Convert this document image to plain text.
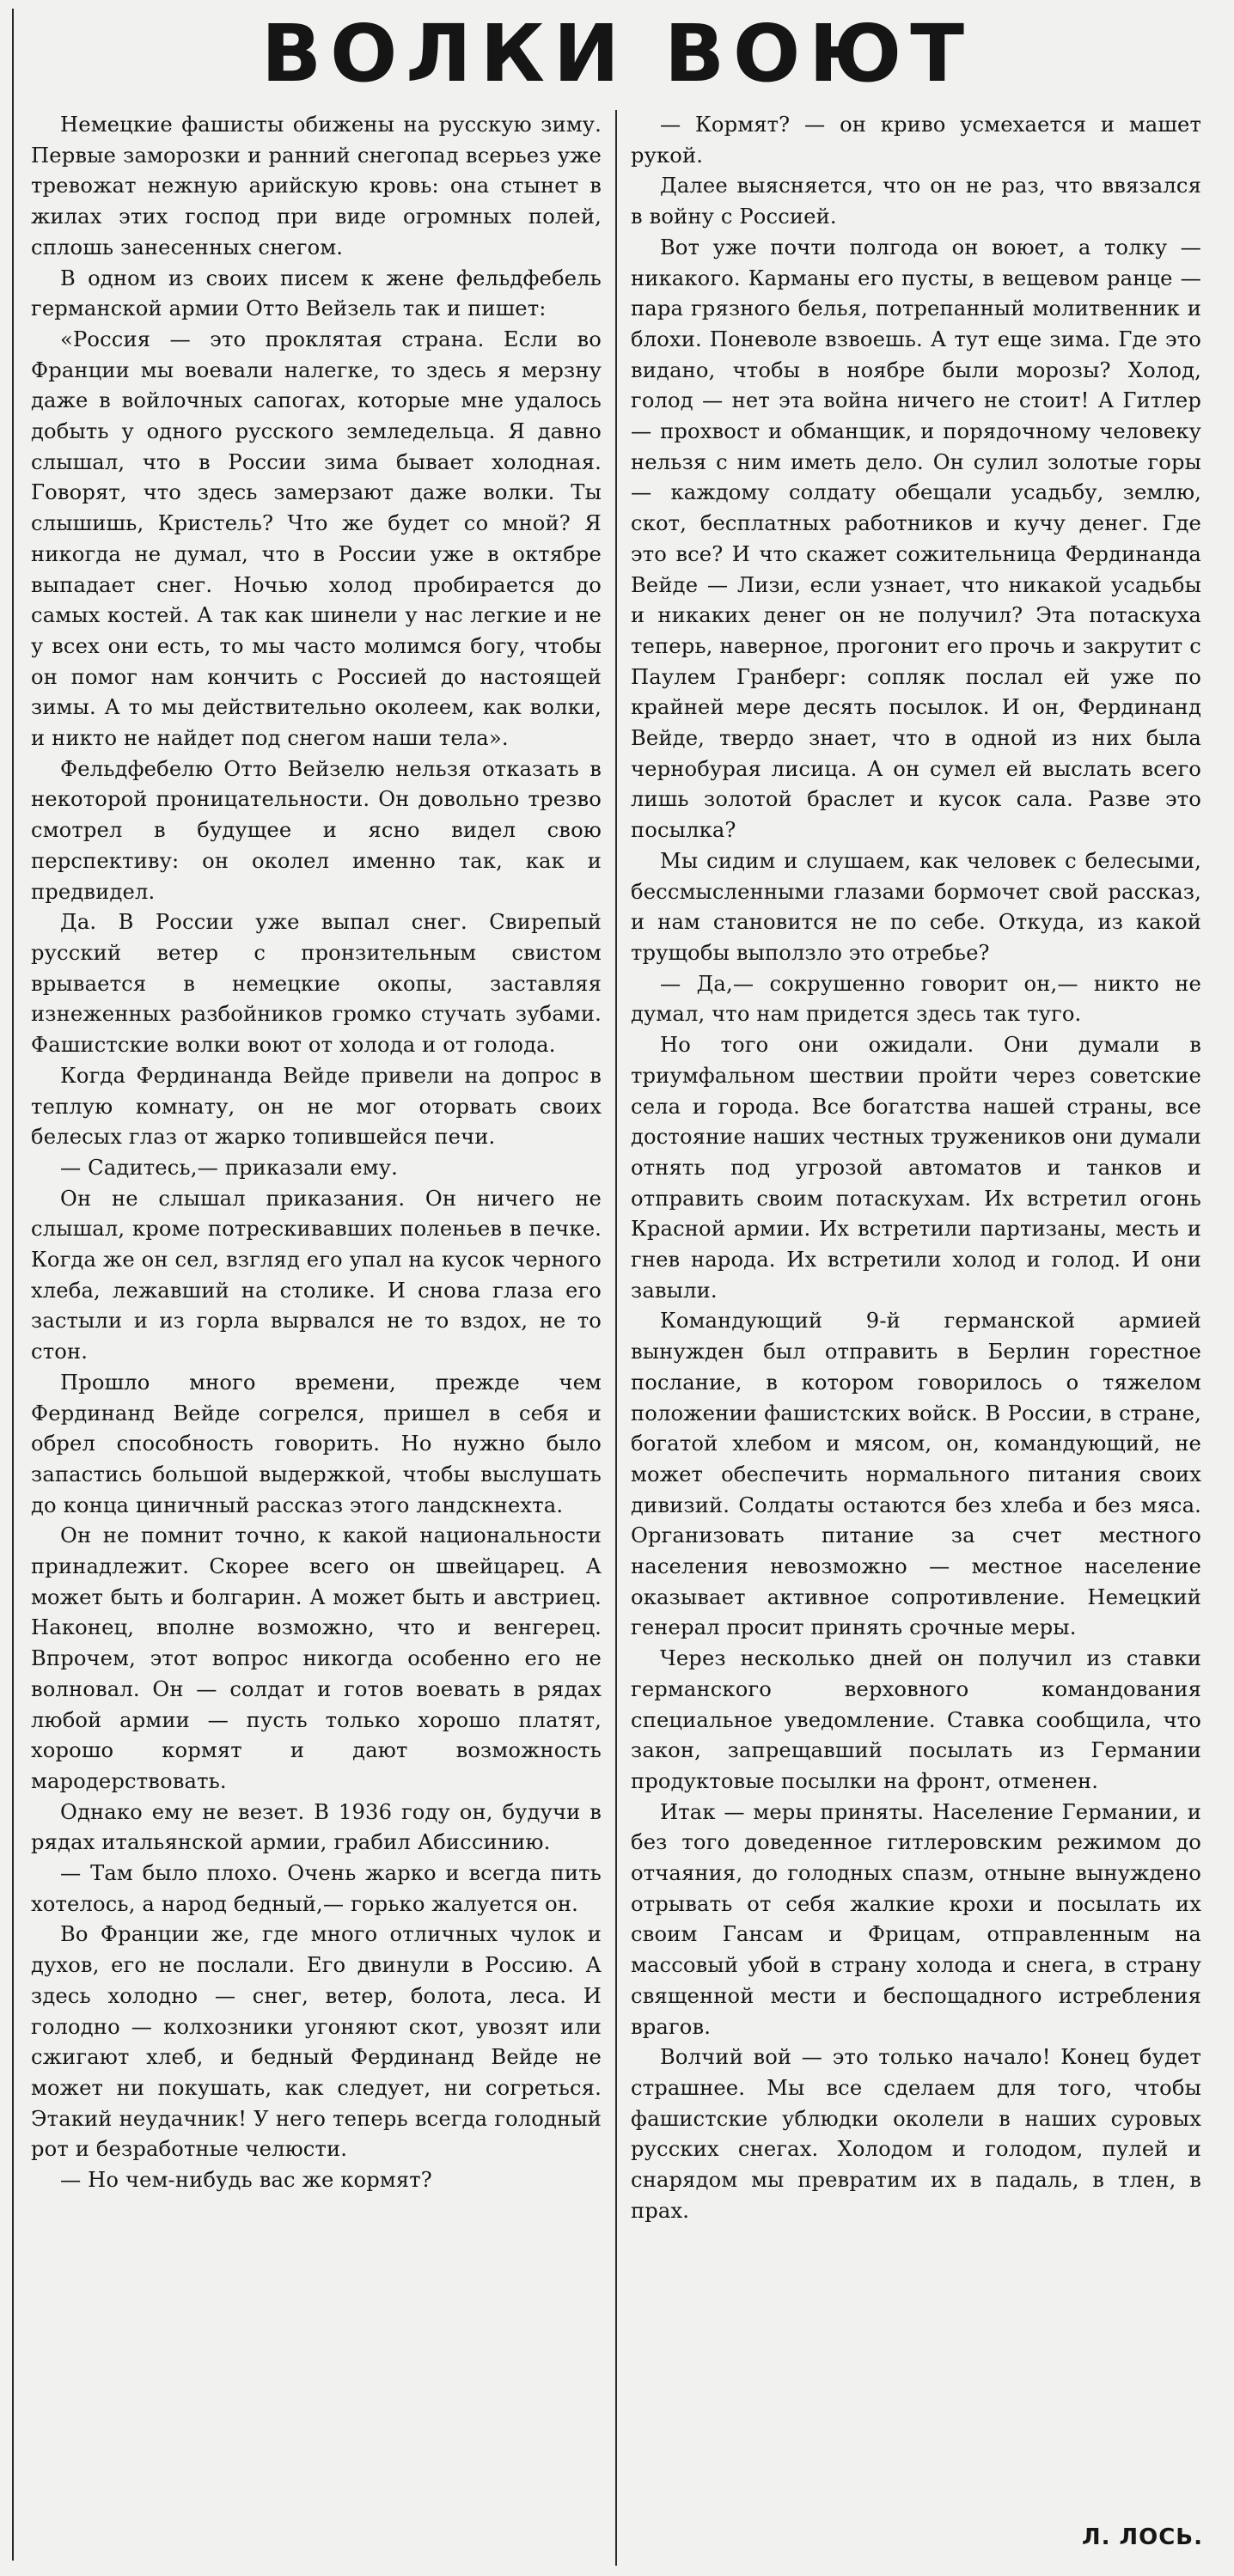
ВОЛКИ ВОЮТ

Немецкие фашисты обижены на русскую зиму. Первые заморозки и ранний снегопад всерьез уже тревожат нежную арийскую кровь: она стынет в жилах этих господ при виде огромных полей, сплошь занесенных снегом.

В одном из своих писем к жене фельдфебель германской армии Отто Вейзель так и пишет:

«Россия — это проклятая страна. Если во Франции мы воевали налегке, то здесь я мерзну даже в войлочных сапогах, которые мне удалось добыть у одного русского земледельца. Я давно слышал, что в России зима бывает холодная. Говорят, что здесь замерзают даже волки. Ты слышишь, Кристель? Что же будет со мной? Я никогда не думал, что в России уже в октябре выпадает снег. Ночью холод пробирается до самых костей. А так как шинели у нас легкие и не у всех они есть, то мы часто молимся богу, чтобы он помог нам кончить с Россией до настоящей зимы. А то мы действительно околеем, как волки, и никто не найдет под снегом наши тела».

Фельдфебелю Отто Вейзелю нельзя отказать в некоторой проницательности. Он довольно трезво смотрел в будущее и ясно видел свою перспективу: он околел именно так, как и предвидел.

Да. В России уже выпал снег. Свирепый русский ветер с пронзительным свистом врывается в немецкие окопы, заставляя изнеженных разбойников громко стучать зубами. Фашистские волки воют от холода и от голода.

Когда Фердинанда Вейде привели на допрос в теплую комнату, он не мог оторвать своих белесых глаз от жарко топившейся печи.

— Садитесь,— приказали ему.

Он не слышал приказания. Он ничего не слышал, кроме потрескивавших поленьев в печке. Когда же он сел, взгляд его упал на кусок черного хлеба, лежавший на столике. И снова глаза его застыли и из горла вырвался не то вздох, не то стон.

Прошло много времени, прежде чем Фердинанд Вейде согрелся, пришел в себя и обрел способность говорить. Но нужно было запастись большой выдержкой, чтобы выслушать до конца циничный рассказ этого ландскнехта.

Он не помнит точно, к какой национальности принадлежит. Скорее всего он швейцарец. А может быть и болгарин. А может быть и австриец. Наконец, вполне возможно, что и венгерец. Впрочем, этот вопрос никогда особенно его не волновал. Он — солдат и готов воевать в рядах любой армии — пусть только хорошо платят, хорошо кормят и дают возможность мародерствовать.

Однако ему не везет. В 1936 году он, будучи в рядах итальянской армии, грабил Абиссинию.

— Там было плохо. Очень жарко и всегда пить хотелось, а народ бедный,— горько жалуется он.

Во Франции же, где много отличных чулок и духов, его не послали. Его двинули в Россию. А здесь холодно — снег, ветер, болота, леса. И голодно — колхозники угоняют скот, увозят или сжигают хлеб, и бедный Фердинанд Вейде не может ни покушать, как следует, ни согреться. Этакий неудачник! У него теперь всегда голодный рот и безработные челюсти.

— Но чем-нибудь вас же кормят?

— Кормят? — он криво усмехается и машет рукой.

Далее выясняется, что он не раз, что ввязался в войну с Россией.

Вот уже почти полгода он воюет, а толку — никакого. Карманы его пусты, в вещевом ранце — пара грязного белья, потрепанный молитвенник и блохи. Поневоле взвоешь. А тут еще зима. Где это видано, чтобы в ноябре были морозы? Холод, голод — нет эта война ничего не стоит! А Гитлер — прохвост и обманщик, и порядочному человеку нельзя с ним иметь дело. Он сулил золотые горы — каждому солдату обещали усадьбу, землю, скот, бесплатных работников и кучу денег. Где это все? И что скажет сожительница Фердинанда Вейде — Лизи, если узнает, что никакой усадьбы и никаких денег он не получил? Эта потаскуха теперь, наверное, прогонит его прочь и закрутит с Паулем Гранберг: сопляк послал ей уже по крайней мере десять посылок. И он, Фердинанд Вейде, твердо знает, что в одной из них была чернобурая лисица. А он сумел ей выслать всего лишь золотой браслет и кусок сала. Разве это посылка?

Мы сидим и слушаем, как человек с белесыми, бессмысленными глазами бормочет свой рассказ, и нам становится не по себе. Откуда, из какой трущобы выползло это отребье?

— Да,— сокрушенно говорит он,— никто не думал, что нам придется здесь так туго.

Но того они ожидали. Они думали в триумфальном шествии пройти через советские села и города. Все богатства нашей страны, все достояние наших честных тружеников они думали отнять под угрозой автоматов и танков и отправить своим потаскухам. Их встретил огонь Красной армии. Их встретили партизаны, месть и гнев народа. Их встретили холод и голод. И они завыли.

Командующий 9-й германской армией вынужден был отправить в Берлин горестное послание, в котором говорилось о тяжелом положении фашистских войск. В России, в стране, богатой хлебом и мясом, он, командующий, не может обеспечить нормального питания своих дивизий. Солдаты остаются без хлеба и без мяса. Организовать питание за счет местного населения невозможно — местное население оказывает активное сопротивление. Немецкий генерал просит принять срочные меры.

Через несколько дней он получил из ставки германского верховного командования специальное уведомление. Ставка сообщила, что закон, запрещавший посылать из Германии продуктовые посылки на фронт, отменен.

Итак — меры приняты. Население Германии, и без того доведенное гитлеровским режимом до отчаяния, до голодных спазм, отныне вынуждено отрывать от себя жалкие крохи и посылать их своим Гансам и Фрицам, отправленным на массовый убой в страну холода и снега, в страну священной мести и беспощадного истребления врагов.

Волчий вой — это только начало! Конец будет страшнее. Мы все сделаем для того, чтобы фашистские ублюдки околели в наших суровых русских снегах. Холодом и голодом, пулей и снарядом мы превратим их в падаль, в тлен, в прах.

Л. ЛОСЬ.
